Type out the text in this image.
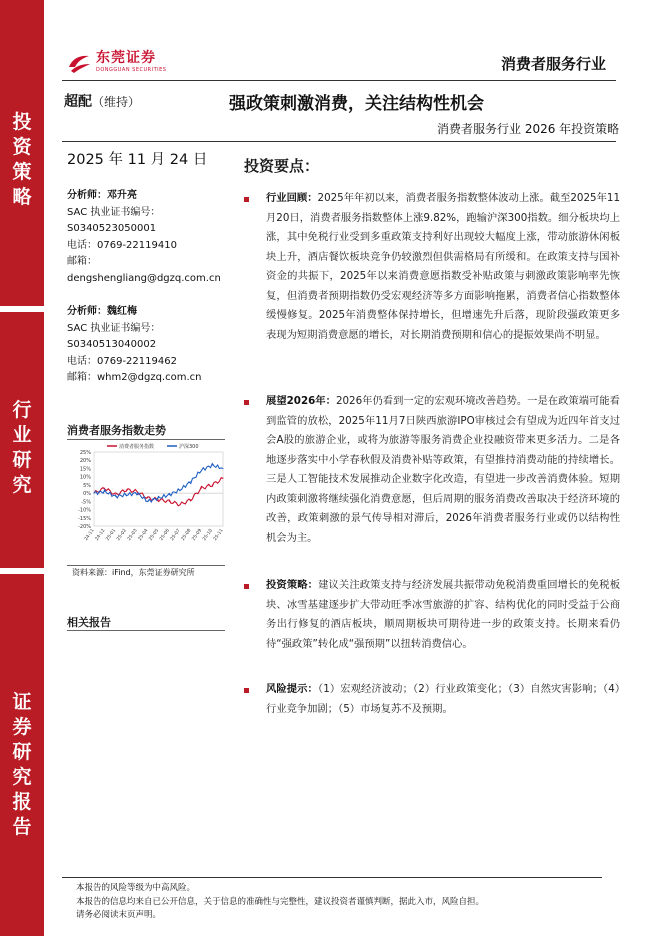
投
资
策
略
行
业
研
究
证
券
研
究
报
告
东莞证券
DONGGUAN SECURITIES	消费者服务行业
超配（维持）	强政策刺激消费，关注结构性机会
消费者服务行业 2026 年投资策略
2025 年 11 月 24 日
分析师：邓升亮
SAC 执业证书编号：
S0340523050001
电话：0769-22119410
邮箱：
dengshengliang@dgzq.com.cn
分析师：魏红梅
SAC 执业证书编号：
S0340513040002
电话：0769-22119462
邮箱：whm2@dgzq.com.cn
消费者服务指数走势
25%
20%
15%
10%
5%
0%
-5%
-10%
-15%
-20%
24-11 24-12 25-01 25-02 25-03 25-04 25-05 25-06 25-07 25-08 25-09 25-10 25-11
消费者服务指数	沪深300
资料来源：iFind，东莞证券研究所
相关报告
投资要点：
行业回顾：2025年年初以来，消费者服务指数整体波动上涨。截至2025年11月20日，消费者服务指数整体上涨9.82%，跑输沪深300指数。细分板块均上涨，其中免税行业受到多重政策支持利好出现较大幅度上涨，带动旅游休闲板块上升，酒店餐饮板块竞争仍较激烈但供需格局有所缓和。在政策支持与国补资金的共振下，2025年以来消费意愿指数受补贴政策与刺激政策影响率先恢复，但消费者预期指数仍受宏观经济等多方面影响拖累，消费者信心指数整体缓慢修复。2025年消费整体保持增长，但增速先升后落，现阶段强政策更多表现为短期消费意愿的增长，对长期消费预期和信心的提振效果尚不明显。
展望2026年：2026年仍看到一定的宏观环境改善趋势。一是在政策端可能看到监管的放松，2025年11月7日陕西旅游IPO审核过会有望成为近四年首支过会A股的旅游企业，或将为旅游等服务消费企业投融资带来更多活力。二是各地逐步落实中小学春秋假及消费补贴等政策，有望推持消费动能的持续增长。三是人工智能技术发展推动企业数字化改造，有望进一步改善消费体验。短期内政策刺激将继续强化消费意愿，但后周期的服务消费改善取决于经济环境的改善，政策刺激的景气传导相对滞后，2026年消费者服务行业或仍以结构性机会为主。
投资策略：建议关注政策支持与经济发展共振带动免税消费重回增长的免税板块、冰雪基建逐步扩大带动旺季冰雪旅游的扩容、结构优化的同时受益于公商务出行修复的酒店板块，顺周期板块可期待进一步的政策支持。长期来看仍待“强政策”转化成“强预期”以扭转消费信心。
风险提示：（1）宏观经济波动；（2）行业政策变化；（3）自然灾害影响；（4）行业竞争加剧；（5）市场复苏不及预期。
本报告的风险等级为中高风险。
本报告的信息均来自已公开信息，关于信息的准确性与完整性，建议投资者谨慎判断，据此入市，风险自担。
请务必阅读末页声明。
